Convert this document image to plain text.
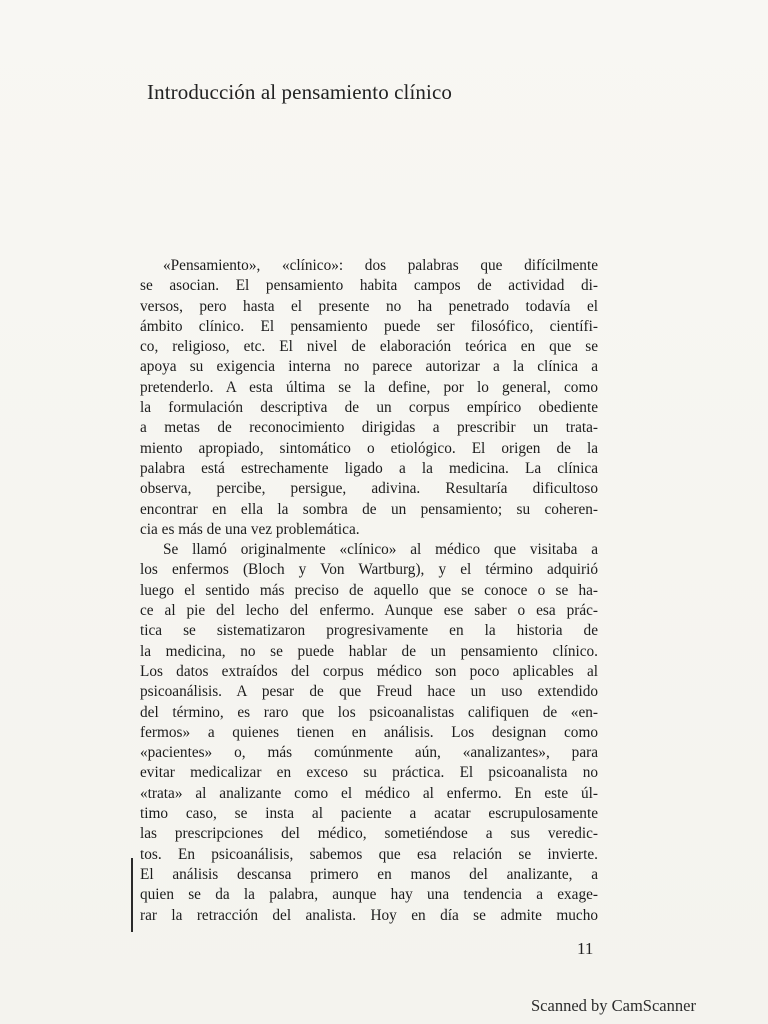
Introducción al pensamiento clínico
«Pensamiento», «clínico»: dos palabras que difícilmente
se asocian. El pensamiento habita campos de actividad di-
versos, pero hasta el presente no ha penetrado todavía el
ámbito clínico. El pensamiento puede ser filosófico, científi-
co, religioso, etc. El nivel de elaboración teórica en que se
apoya su exigencia interna no parece autorizar a la clínica a
pretenderlo. A esta última se la define, por lo general, como
la formulación descriptiva de un corpus empírico obediente
a metas de reconocimiento dirigidas a prescribir un trata-
miento apropiado, sintomático o etiológico. El origen de la
palabra está estrechamente ligado a la medicina. La clínica
observa, percibe, persigue, adivina. Resultaría dificultoso
encontrar en ella la sombra de un pensamiento; su coheren-
cia es más de una vez problemática.
Se llamó originalmente «clínico» al médico que visitaba a
los enfermos (Bloch y Von Wartburg), y el término adquirió
luego el sentido más preciso de aquello que se conoce o se ha-
ce al pie del lecho del enfermo. Aunque ese saber o esa prác-
tica se sistematizaron progresivamente en la historia de
la medicina, no se puede hablar de un pensamiento clínico.
Los datos extraídos del corpus médico son poco aplicables al
psicoanálisis. A pesar de que Freud hace un uso extendido
del término, es raro que los psicoanalistas califiquen de «en-
fermos» a quienes tienen en análisis. Los designan como
«pacientes» o, más comúnmente aún, «analizantes», para
evitar medicalizar en exceso su práctica. El psicoanalista no
«trata» al analizante como el médico al enfermo. En este úl-
timo caso, se insta al paciente a acatar escrupulosamente
las prescripciones del médico, sometiéndose a sus veredic-
tos. En psicoanálisis, sabemos que esa relación se invierte.
El análisis descansa primero en manos del analizante, a
quien se da la palabra, aunque hay una tendencia a exage-
rar la retracción del analista. Hoy en día se admite mucho
11
Scanned by CamScanner
